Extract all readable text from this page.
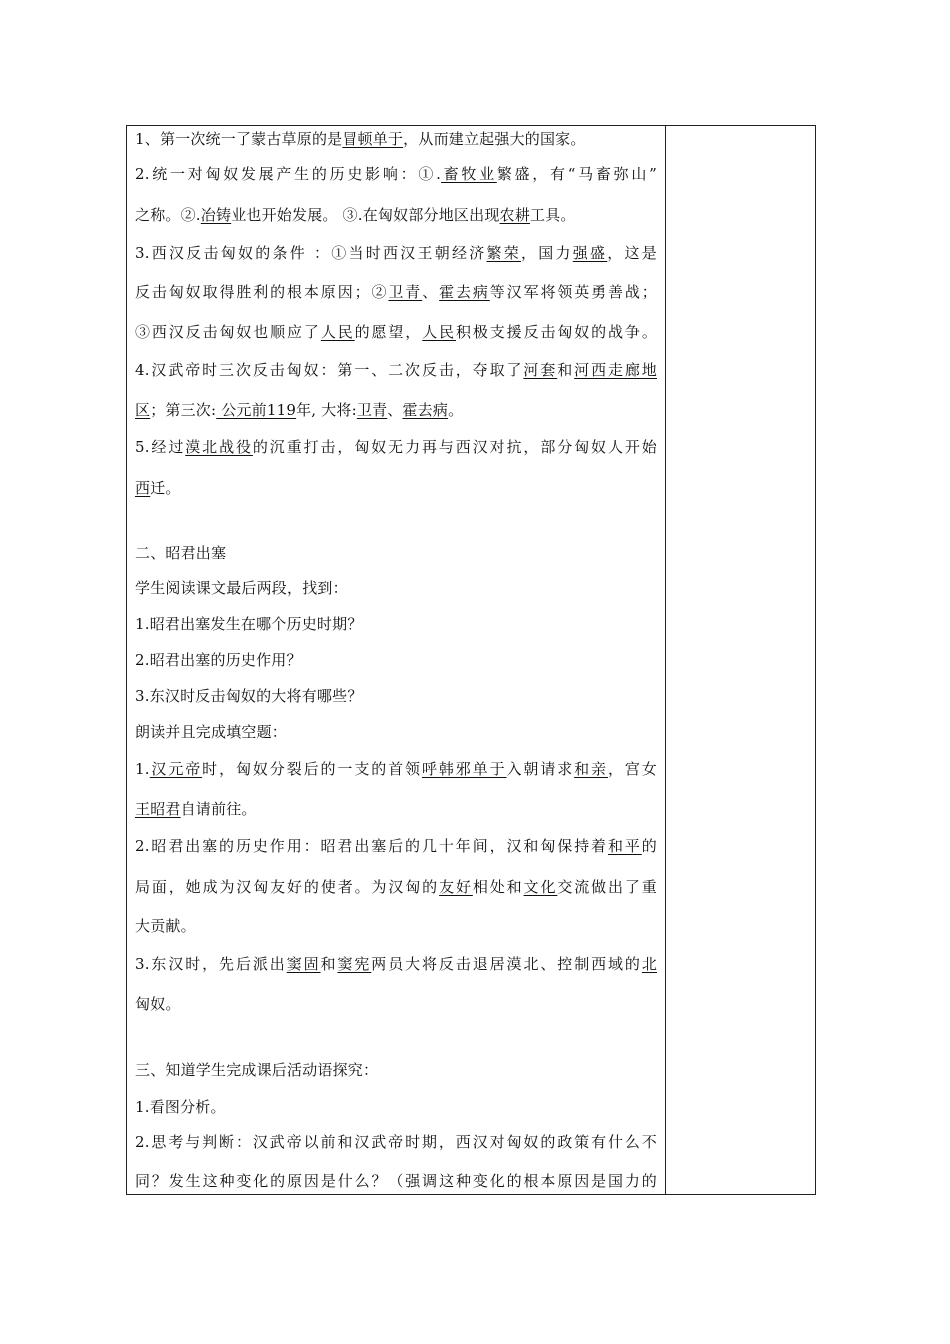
1、第一次统一了蒙古草原的是冒顿单于，从而建立起强大的国家。
2.统一对匈奴发展产生的历史影响：①.畜牧业繁盛，有“马畜弥山”
之称。②.冶铸业也开始发展。 ③.在匈奴部分地区出现农耕工具。
3.西汉反击匈奴的条件 ：①当时西汉王朝经济繁荣，国力强盛，这是
反击匈奴取得胜利的根本原因；②卫青、霍去病等汉军将领英勇善战；
③西汉反击匈奴也顺应了人民的愿望，人民积极支援反击匈奴的战争。
4.汉武帝时三次反击匈奴：第一、二次反击，夺取了河套和河西走廊地
区；第三次: 公元前119年, 大将:卫青、霍去病。
5.经过漠北战役的沉重打击，匈奴无力再与西汉对抗，部分匈奴人开始
西迁。
二、昭君出塞
学生阅读课文最后两段，找到：
1.昭君出塞发生在哪个历史时期？
2.昭君出塞的历史作用？
3.东汉时反击匈奴的大将有哪些？
朗读并且完成填空题：
1.汉元帝时，匈奴分裂后的一支的首领呼韩邪单于入朝请求和亲，宫女
王昭君自请前往。
2.昭君出塞的历史作用：昭君出塞后的几十年间，汉和匈保持着和平的
局面，她成为汉匈友好的使者。为汉匈的友好相处和文化交流做出了重
大贡献。
3.东汉时，先后派出窦固和窦宪两员大将反击退居漠北、控制西域的北
匈奴。
三、知道学生完成课后活动语探究：
1.看图分析。
2.思考与判断：汉武帝以前和汉武帝时期，西汉对匈奴的政策有什么不
同？发生这种变化的原因是什么？（强调这种变化的根本原因是国力的
